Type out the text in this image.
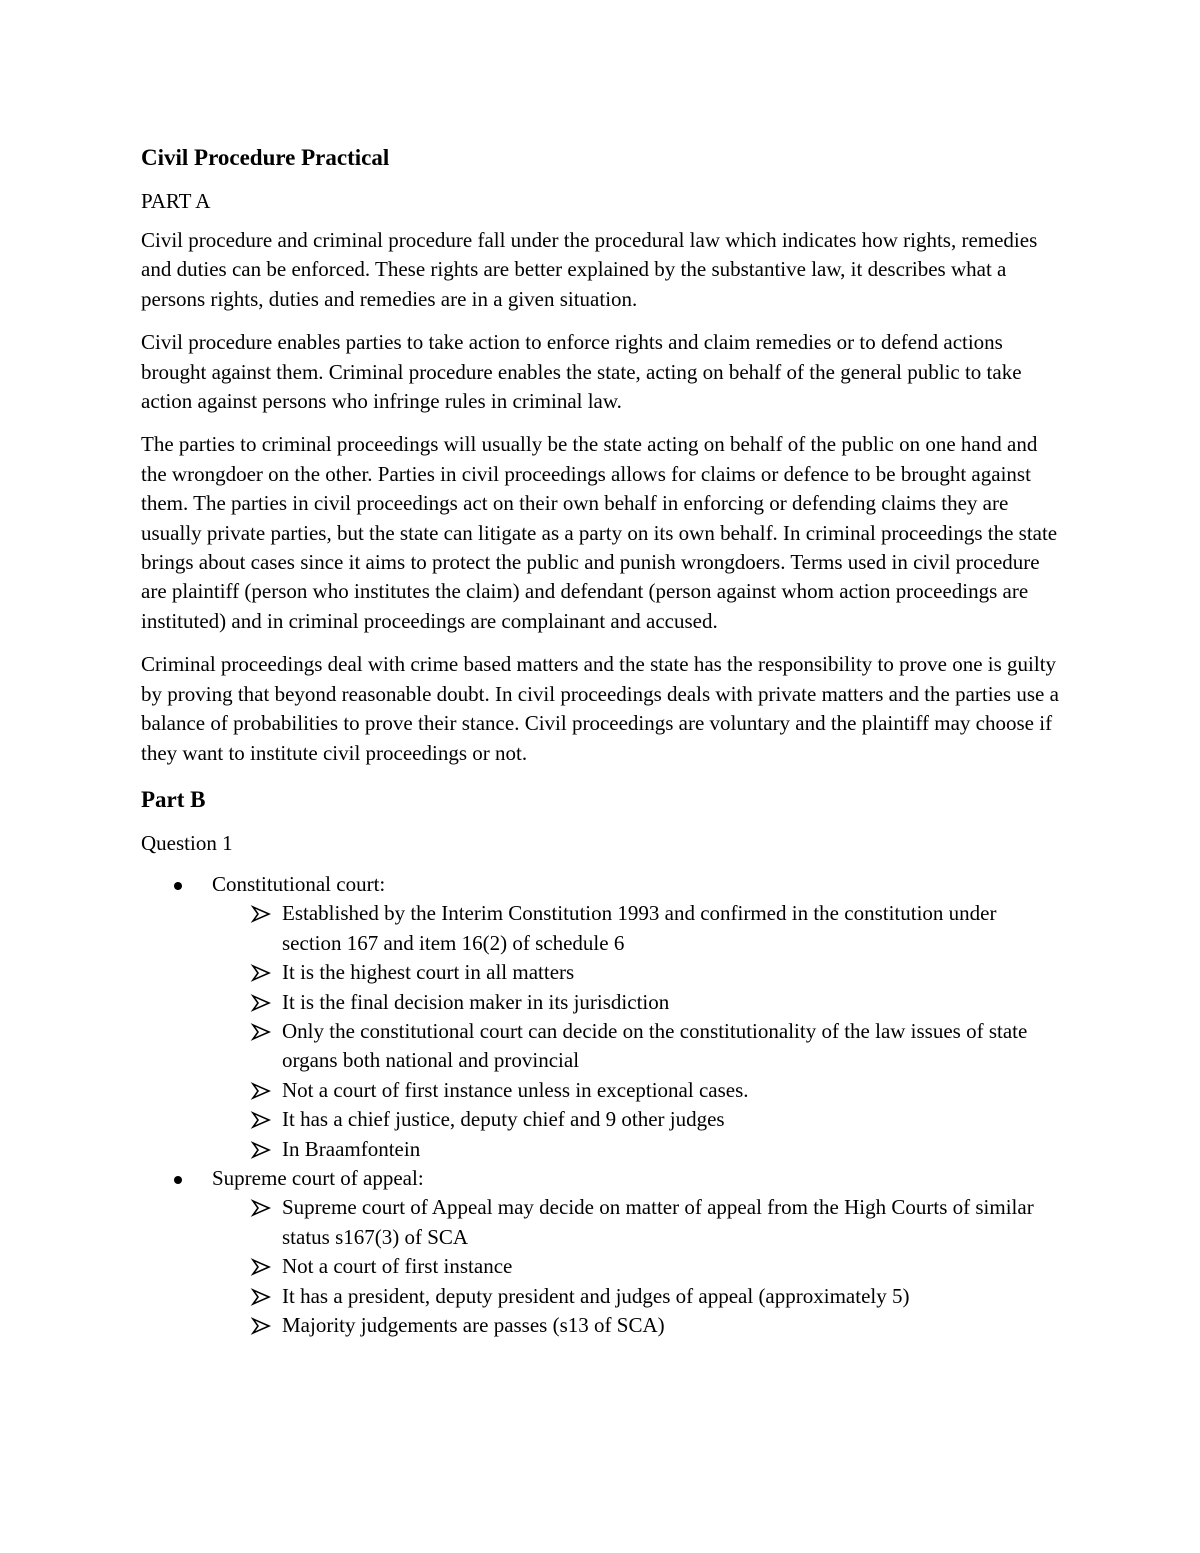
Civil Procedure Practical
PART A

Civil procedure and criminal procedure fall under the procedural law which indicates how rights, remedies and duties can be enforced. These rights are better explained by the substantive law, it describes what a persons rights, duties and remedies are in a given situation.

Civil procedure enables parties to take action to enforce rights and claim remedies or to defend actions brought against them. Criminal procedure enables the state, acting on behalf of the general public to take action against persons who infringe rules in criminal law.

The parties to criminal proceedings will usually be the state acting on behalf of the public on one hand and the wrongdoer on the other. Parties in civil proceedings allows for claims or defence to be brought against them. The parties in civil proceedings act on their own behalf in enforcing or defending claims they are usually private parties, but the state can litigate as a party on its own behalf. In criminal proceedings the state brings about cases since it aims to protect the public and punish wrongdoers. Terms used in civil procedure are plaintiff (person who institutes the claim) and defendant (person against whom action proceedings are instituted) and in criminal proceedings are complainant and accused.

Criminal proceedings deal with crime based matters and the state has the responsibility to prove one is guilty by proving that beyond reasonable doubt. In civil proceedings deals with private matters and the parties use a balance of probabilities to prove their stance. Civil proceedings are voluntary and the plaintiff may choose if they want to institute civil proceedings or not.

Part B
Question 1
Constitutional court:
Established by the Interim Constitution 1993 and confirmed in the constitution under section 167 and item 16(2) of schedule 6
It is the highest court in all matters
It is the final decision maker in its jurisdiction
Only the constitutional court can decide on the constitutionality of the law issues of state organs both national and provincial
Not a court of first instance unless in exceptional cases.
It has a chief justice, deputy chief and 9 other judges
In Braamfontein
Supreme court of appeal:
Supreme court of Appeal may decide on matter of appeal from the High Courts of similar status s167(3) of SCA
Not a court of first instance
It has a president, deputy president and judges of appeal (approximately 5)
Majority judgements are passes (s13 of SCA)
